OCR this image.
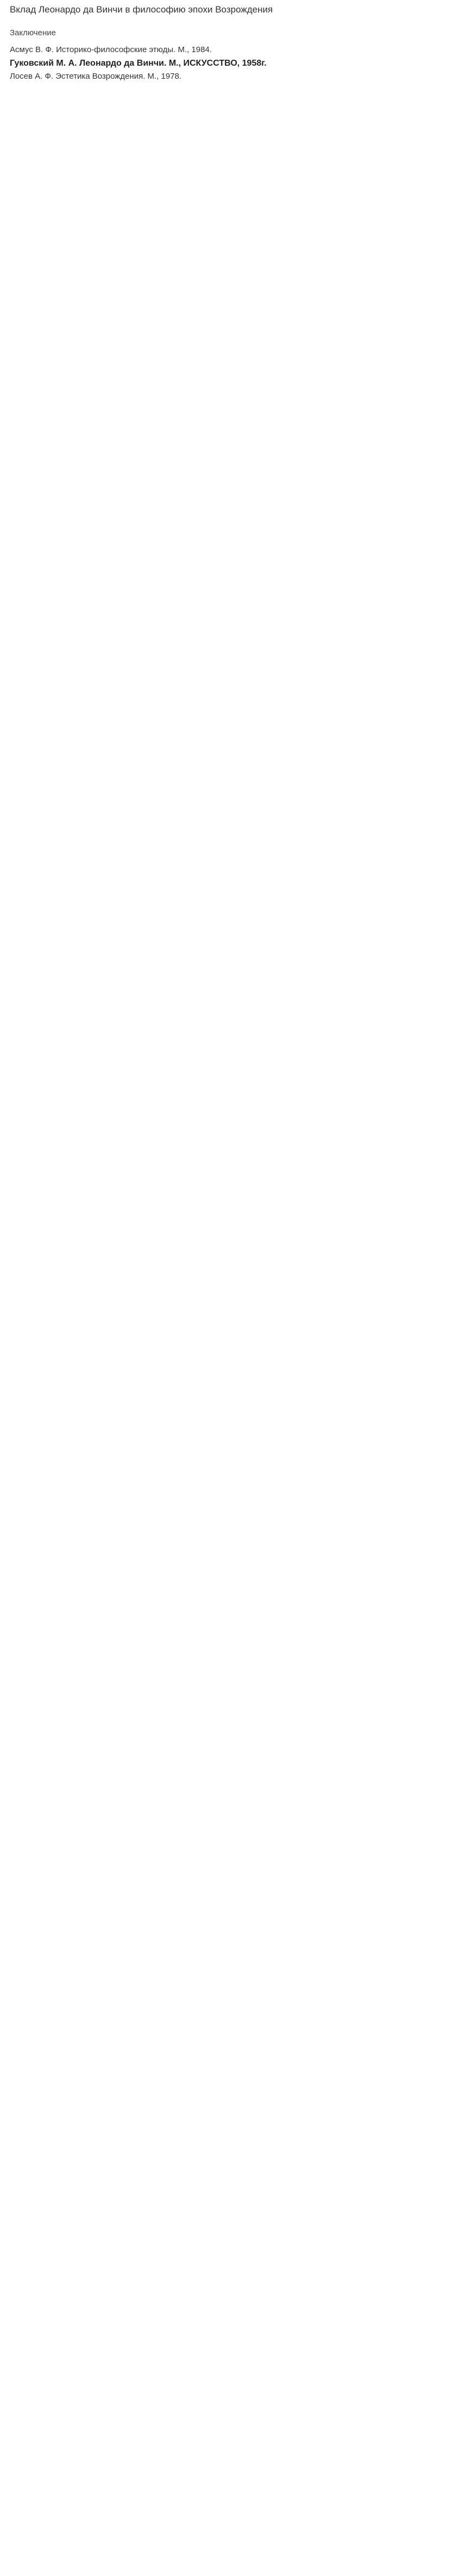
Вклад Леонардо да Винчи в философию эпохи Возрождения
Заключение
Асмус В. Ф. Историко-философские этюды. М., 1984.
Гуковский М. А. Леонардо да Винчи. М., ИСКУССТВО, 1958г.
Лосев А. Ф. Эстетика Возрождения. М., 1978.
